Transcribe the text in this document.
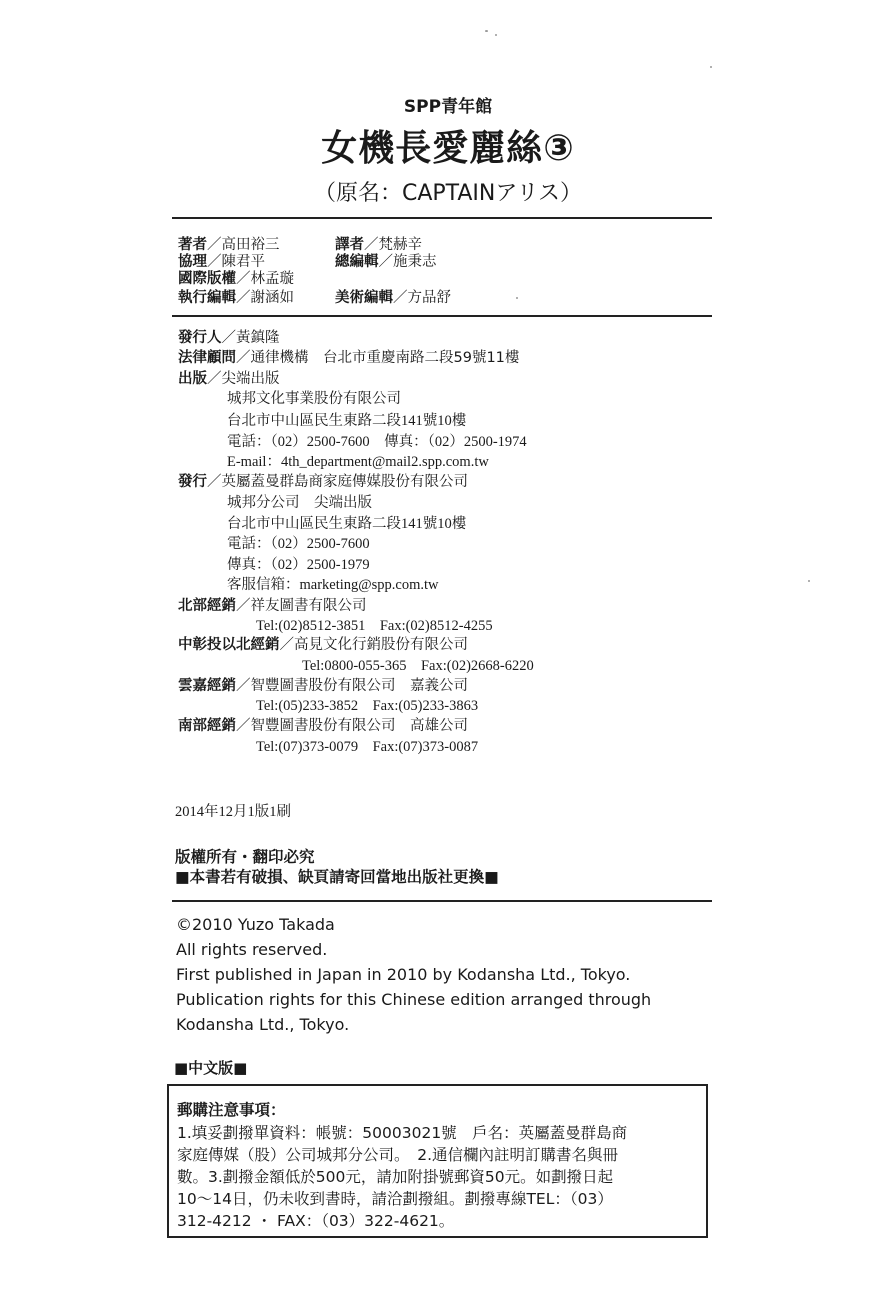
SPP青年館
女機長愛麗絲③
（原名：CAPTAINアリス）
著者／高田裕三	譯者／梵赫辛
協理／陳君平	總編輯／施秉志
國際版權／林孟璇
執行編輯／謝涵如	美術編輯／方品舒
發行人／黃鎮隆
法律顧問／通律機構　台北市重慶南路二段59號11樓
出版／尖端出版
城邦文化事業股份有限公司
台北市中山區民生東路二段141號10樓
電話：（02）2500-7600　傳真：（02）2500-1974
E-mail：4th_department@mail2.spp.com.tw
發行／英屬蓋曼群島商家庭傳媒股份有限公司
城邦分公司　尖端出版
台北市中山區民生東路二段141號10樓
電話：（02）2500-7600
傳真：（02）2500-1979
客服信箱：marketing@spp.com.tw
北部經銷／祥友圖書有限公司
Tel:(02)8512-3851　Fax:(02)8512-4255
中彰投以北經銷／高見文化行銷股份有限公司
Tel:0800-055-365　Fax:(02)2668-6220
雲嘉經銷／智豐圖書股份有限公司　嘉義公司
Tel:(05)233-3852　Fax:(05)233-3863
南部經銷／智豐圖書股份有限公司　高雄公司
Tel:(07)373-0079　Fax:(07)373-0087
2014年12月1版1刷
版權所有・翻印必究
■本書若有破損、缺頁請寄回當地出版社更換■
©2010 Yuzo Takada
All rights reserved.
First published in Japan in 2010 by Kodansha Ltd., Tokyo.
Publication rights for this Chinese edition arranged through
Kodansha Ltd., Tokyo.
■中文版■
郵購注意事項：
1.填妥劃撥單資料：帳號：50003021號　戶名：英屬蓋曼群島商
家庭傳媒（股）公司城邦分公司。　2.通信欄內註明訂購書名與冊
數。3.劃撥金額低於500元，請加附掛號郵資50元。如劃撥日起
10～14日，仍未收到書時，請洽劃撥組。劃撥專線TEL：（03）
312-4212 ・ FAX：（03）322-4621。
